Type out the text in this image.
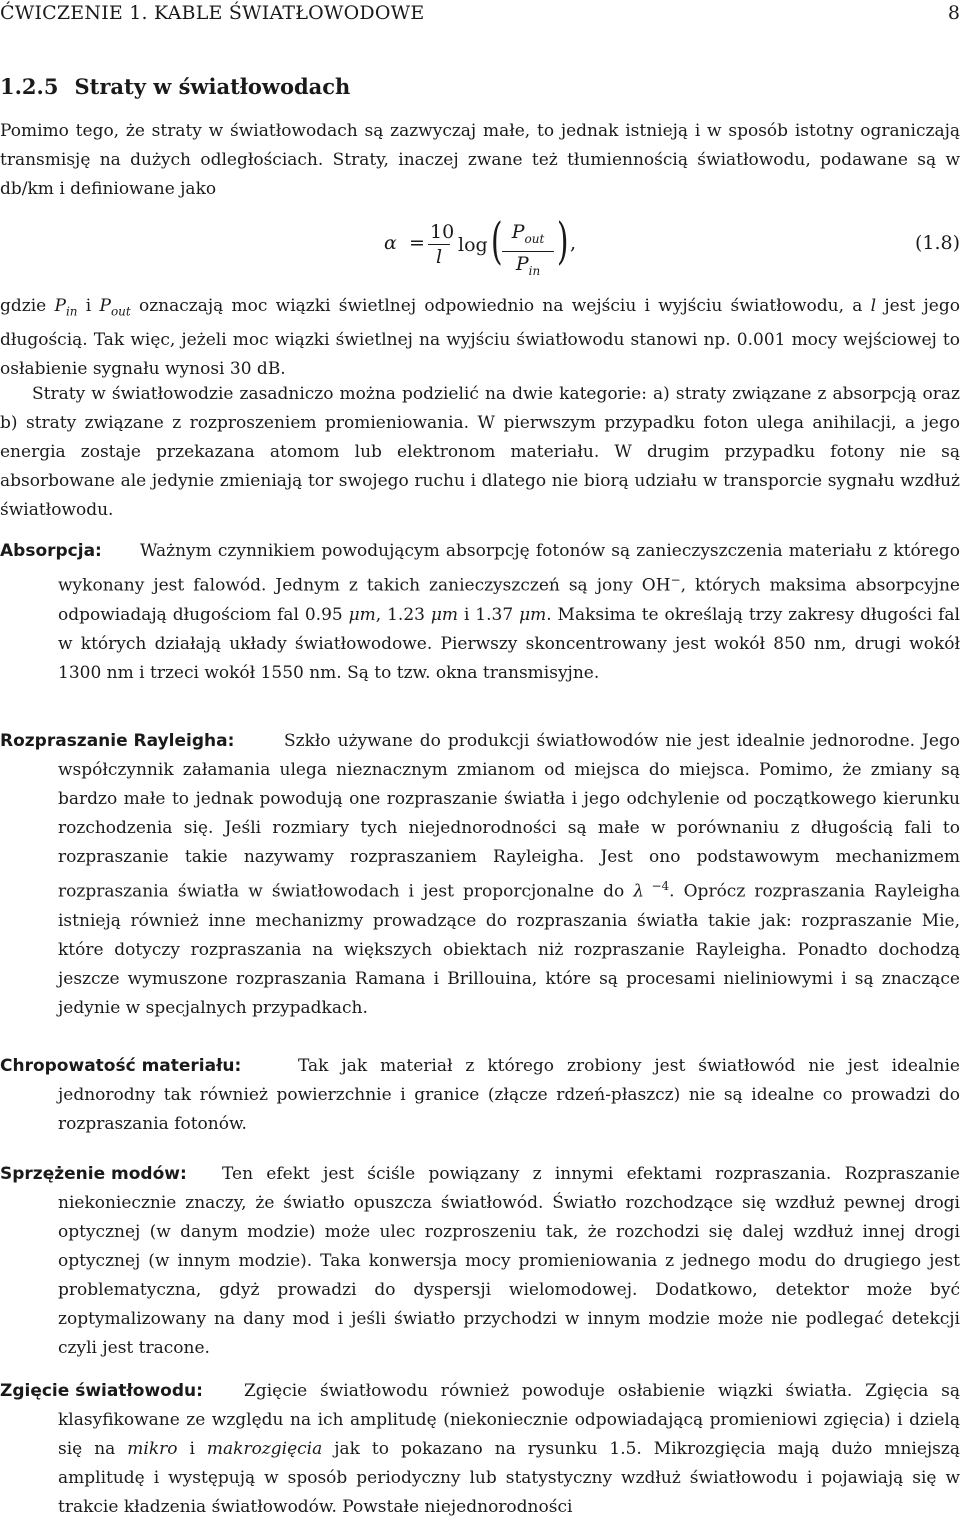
ĆWICZENIE 1. KABLE ŚWIATŁOWODOWE	8
1.2.5 Straty w światłowodach
Pomimo tego, że straty w światłowodach są zazwyczaj małe, to jednak istnieją i w sposób istotny ograniczają transmisję na dużych odległościach. Straty, inaczej zwane też tłumiennością światłowodu, podawane są w db/km i definiowane jako
$\alpha = \frac{10}{l}$ log ( $P_{out}$
$P_{in}$
) ,	(1.8)
gdzie $P_{in}$ i $P_{out}$ oznaczają moc wiązki świetlnej odpowiednio na wejściu i wyjściu światłowodu, a l jest jego długością. Tak więc, jeżeli moc wiązki świetlnej na wyjściu światłowodu stanowi np. 0.001 mocy wejściowej to osłabienie sygnału wynosi 30 dB.
Straty w światłowodzie zasadniczo można podzielić na dwie kategorie: a) straty związane z absorpcją oraz b) straty związane z rozproszeniem promieniowania. W pierwszym przypadku foton ulega anihilacji, a jego energia zostaje przekazana atomom lub elektronom materiału. W drugim przypadku fotony nie są absorbowane ale jedynie zmieniają tor swojego ruchu i dlatego nie biorą udziału w transporcie sygnału wzdłuż światłowodu.
Absorpcja:	Ważnym czynnikiem powodującym absorpcję fotonów są zanieczyszczenia materiału z którego wykonany jest falowód. Jednym z takich zanieczyszczeń są jony OH−, których maksima absorpcyjne odpowiadają długościom fal 0.95 μm, 1.23 μm i 1.37 μm. Maksima te określają trzy zakresy długości fal w których działają układy światłowodowe. Pierwszy skoncentrowany jest wokół 850 nm, drugi wokół 1300 nm i trzeci wokół 1550 nm. Są to tzw. okna transmisyjne.
Rozpraszanie Rayleigha:	Szkło używane do produkcji światłowodów nie jest idealnie jednorodne. Jego współczynnik załamania ulega nieznacznym zmianom od miejsca do miejsca. Pomimo, że zmiany są bardzo małe to jednak powodują one rozpraszanie światła i jego odchylenie od początkowego kierunku rozchodzenia się. Jeśli rozmiary tych niejednorodności są małe w porównaniu z długością fali to rozpraszanie takie nazywamy rozpraszaniem Rayleigha. Jest ono podstawowym mechanizmem rozpraszania światła w światłowodach i jest proporcjonalne do λ $^{-4}$. Oprócz rozpraszania Rayleigha istnieją również inne mechanizmy prowadzące do rozpraszania światła takie jak: rozpraszanie Mie, które dotyczy rozpraszania na większych obiektach niż rozpraszanie Rayleigha. Ponadto dochodzą jeszcze wymuszone rozpraszania Ramana i Brillouina, które są procesami nieliniowymi i są znaczące jedynie w specjalnych przypadkach.
Chropowatość materiału:	Tak jak materiał z którego zrobiony jest światłowód nie jest idealnie jednorodny tak również powierzchnie i granice (złącze rdzeń-płaszcz) nie są idealne co prowadzi do rozpraszania fotonów.
Sprzężenie modów:	Ten efekt jest ściśle powiązany z innymi efektami rozpraszania. Rozpraszanie niekoniecznie znaczy, że światło opuszcza światłowód. Światło rozchodzące się wzdłuż pewnej drogi optycznej (w danym modzie) może ulec rozproszeniu tak, że rozchodzi się dalej wzdłuż innej drogi optycznej (w innym modzie). Taka konwersja mocy promieniowania z jednego modu do drugiego jest problematyczna, gdyż prowadzi do dyspersji wielomodowej. Dodatkowo, detektor może być zoptymalizowany na dany mod i jeśli światło przychodzi w innym modzie może nie podlegać detekcji czyli jest tracone.
Zgięcie światłowodu:	Zgięcie światłowodu również powoduje osłabienie wiązki światła. Zgięcia są klasyfikowane ze względu na ich amplitudę (niekoniecznie odpowiadającą promieniowi zgięcia) i dzielą się na mikro i makrozgięcia jak to pokazano na rysunku 1.5. Mikrozgięcia mają dużo mniejszą amplitudę i występują w sposób periodyczny lub statystyczny wzdłuż światłowodu i pojawiają się w trakcie kładzenia światłowodów. Powstałe niejednorodności
